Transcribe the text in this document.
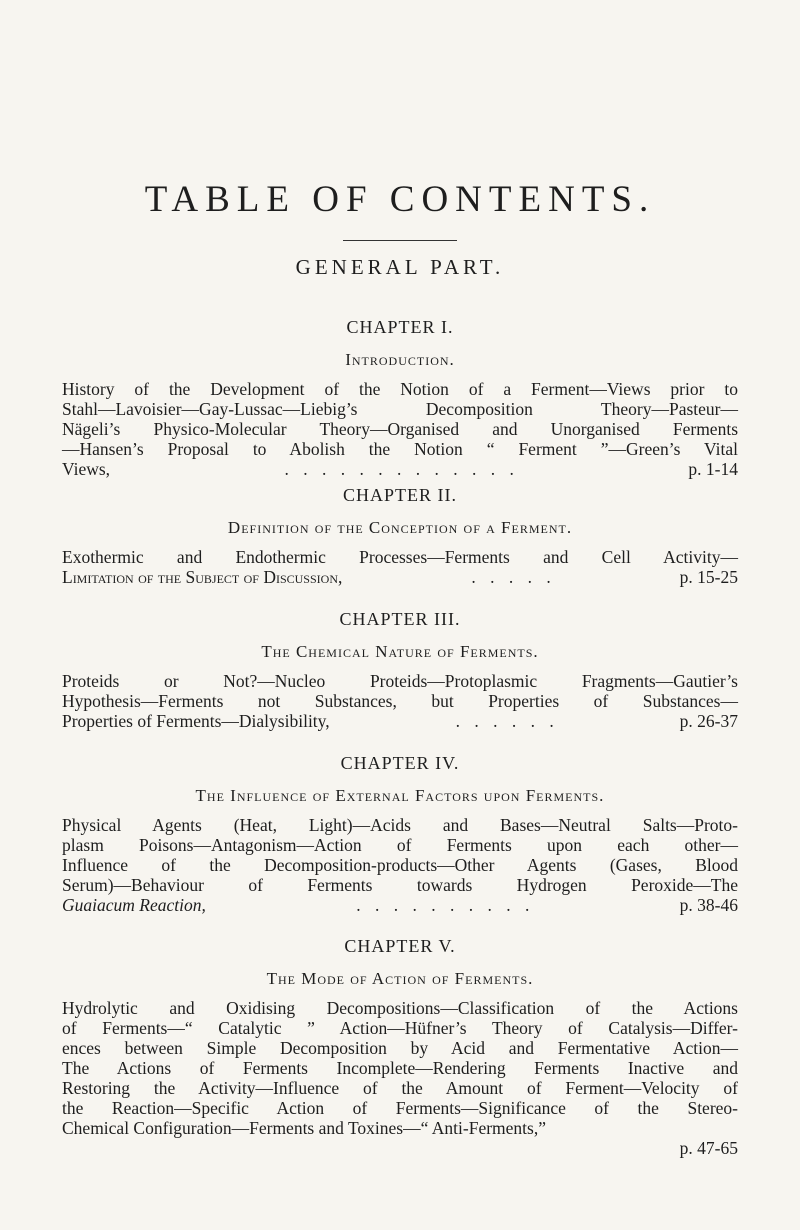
TABLE OF CONTENTS.
GENERAL PART.
CHAPTER I.
Introduction.
History of the Development of the Notion of a Ferment—Views prior to
Stahl—Lavoisier—Gay-Lussac—Liebig’s Decomposition Theory—Pasteur—
Nägeli’s Physico-Molecular Theory—Organised and Unorganised Ferments
—Hansen’s Proposal to Abolish the Notion “ Ferment ”—Green’s Vital
Views,	. . . . . . . . . . . . .	p. 1-14
CHAPTER II.
Definition of the Conception of a Ferment.
Exothermic and Endothermic Processes—Ferments and Cell Activity—
Limitation of the Subject of Discussion,	. . . . .	p. 15-25
CHAPTER III.
The Chemical Nature of Ferments.
Proteids or Not?—Nucleo Proteids—Protoplasmic Fragments—Gautier’s
Hypothesis—Ferments not Substances, but Properties of Substances—
Properties of Ferments—Dialysibility,	. . . . . .	p. 26-37
CHAPTER IV.
The Influence of External Factors upon Ferments.
Physical Agents (Heat, Light)—Acids and Bases—Neutral Salts—Proto-
plasm Poisons—Antagonism—Action of Ferments upon each other—
Influence of the Decomposition-products—Other Agents (Gases, Blood
Serum)—Behaviour of Ferments towards Hydrogen Peroxide—The
Guaiacum Reaction,	. . . . . . . . . .	p. 38-46
CHAPTER V.
The Mode of Action of Ferments.
Hydrolytic and Oxidising Decompositions—Classification of the Actions
of Ferments—“ Catalytic ” Action—Hüfner’s Theory of Catalysis—Differ-
ences between Simple Decomposition by Acid and Fermentative Action—
The Actions of Ferments Incomplete—Rendering Ferments Inactive and
Restoring the Activity—Influence of the Amount of Ferment—Velocity of
the Reaction—Specific Action of Ferments—Significance of the Stereo-
Chemical Configuration—Ferments and Toxines—“ Anti-Ferments,”
p. 47-65
